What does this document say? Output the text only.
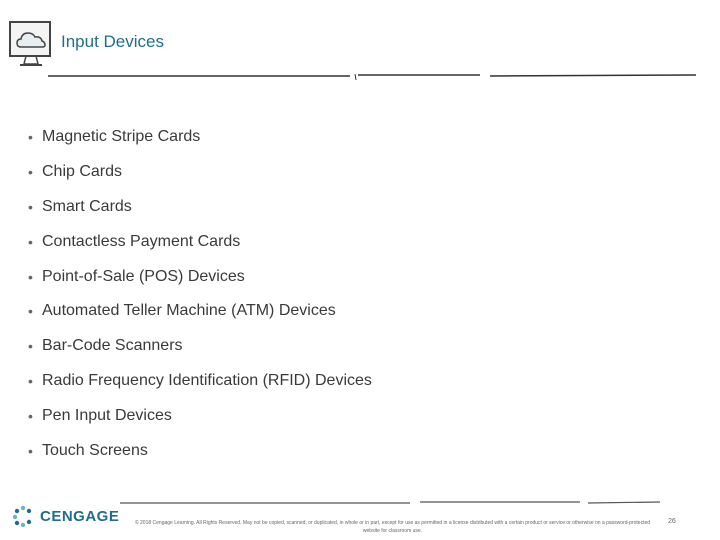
Input Devices
• Magnetic Stripe Cards
• Chip Cards
• Smart Cards
• Contactless Payment Cards
• Point-of-Sale (POS) Devices
• Automated Teller Machine (ATM) Devices
• Bar-Code Scanners
• Radio Frequency Identification (RFID) Devices
• Pen Input Devices
• Touch Screens
CENGAGE	© 2018 Cengage Learning. All Rights Reserved. May not be copied, scanned, or duplicated, in whole or in part, except for use as permitted in a license distributed with a certain product or service or otherwise on a password-protected website for classroom use.
26
